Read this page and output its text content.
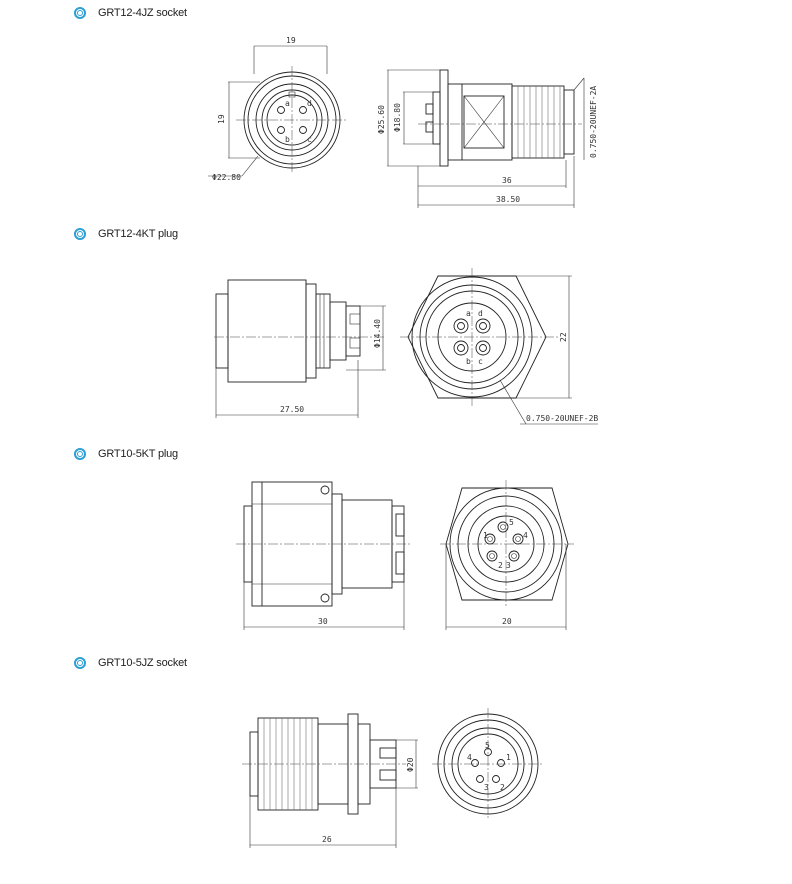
GRT12-4JZ socket
GRT12-4KT plug
GRT10-5KT plug
GRT10-5JZ socket
19
19
a d
b c
Φ22.80
Φ25.60 Φ18.80	0.750-20UNEF-2A
36
38.50
Φ14.40
27.50
a d
b c
22
0.750-20UNEF-2B
30
1
5
4
2 3
20
Φ20
26
5
1
4
2
3
